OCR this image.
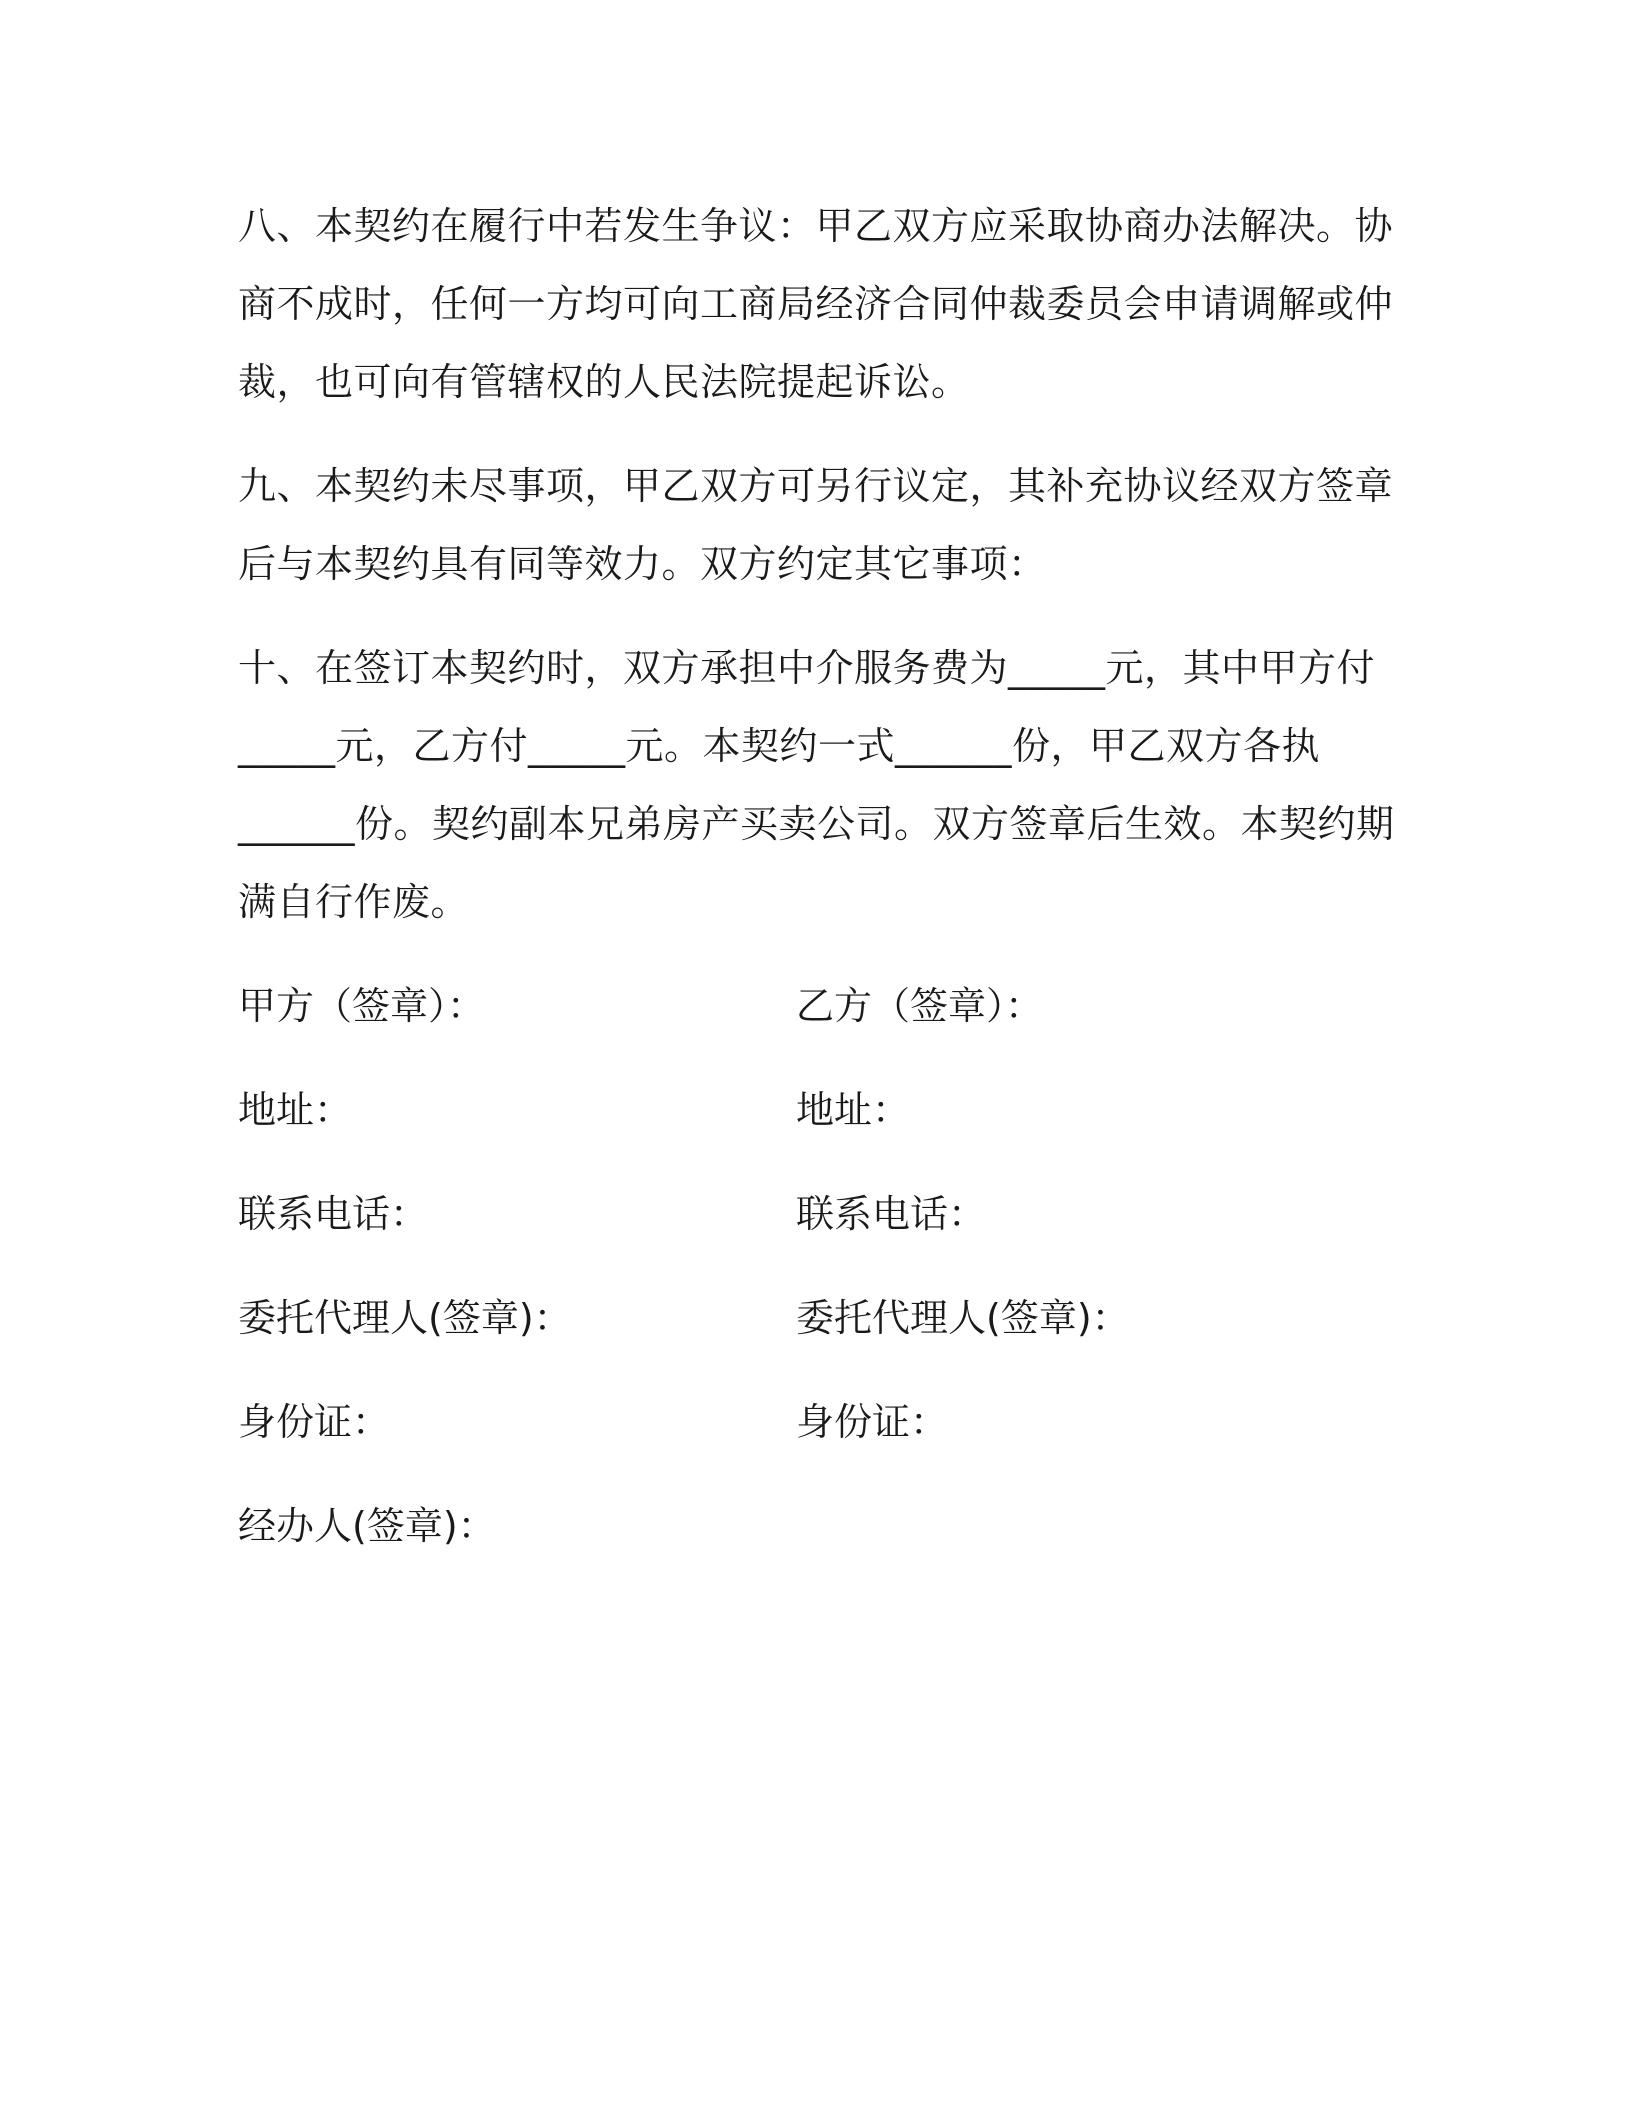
八、本契约在履行中若发生争议：甲乙双方应采取协商办法解决。协
商不成时，任何一方均可向工商局经济合同仲裁委员会申请调解或仲
裁，也可向有管辖权的人民法院提起诉讼。

九、本契约未尽事项，甲乙双方可另行议定，其补充协议经双方签章
后与本契约具有同等效力。双方约定其它事项：

十、在签订本契约时，双方承担中介服务费为_____元，其中甲方付
_____元，乙方付_____元。本契约一式______份，甲乙双方各执
______份。契约副本兄弟房产买卖公司。双方签章后生效。本契约期
满自行作废。

甲方（签章）：	乙方（签章）：
地址：	地址：
联系电话：	联系电话：
委托代理人(签章)：	委托代理人(签章)：
身份证：	身份证：
经办人(签章)：
